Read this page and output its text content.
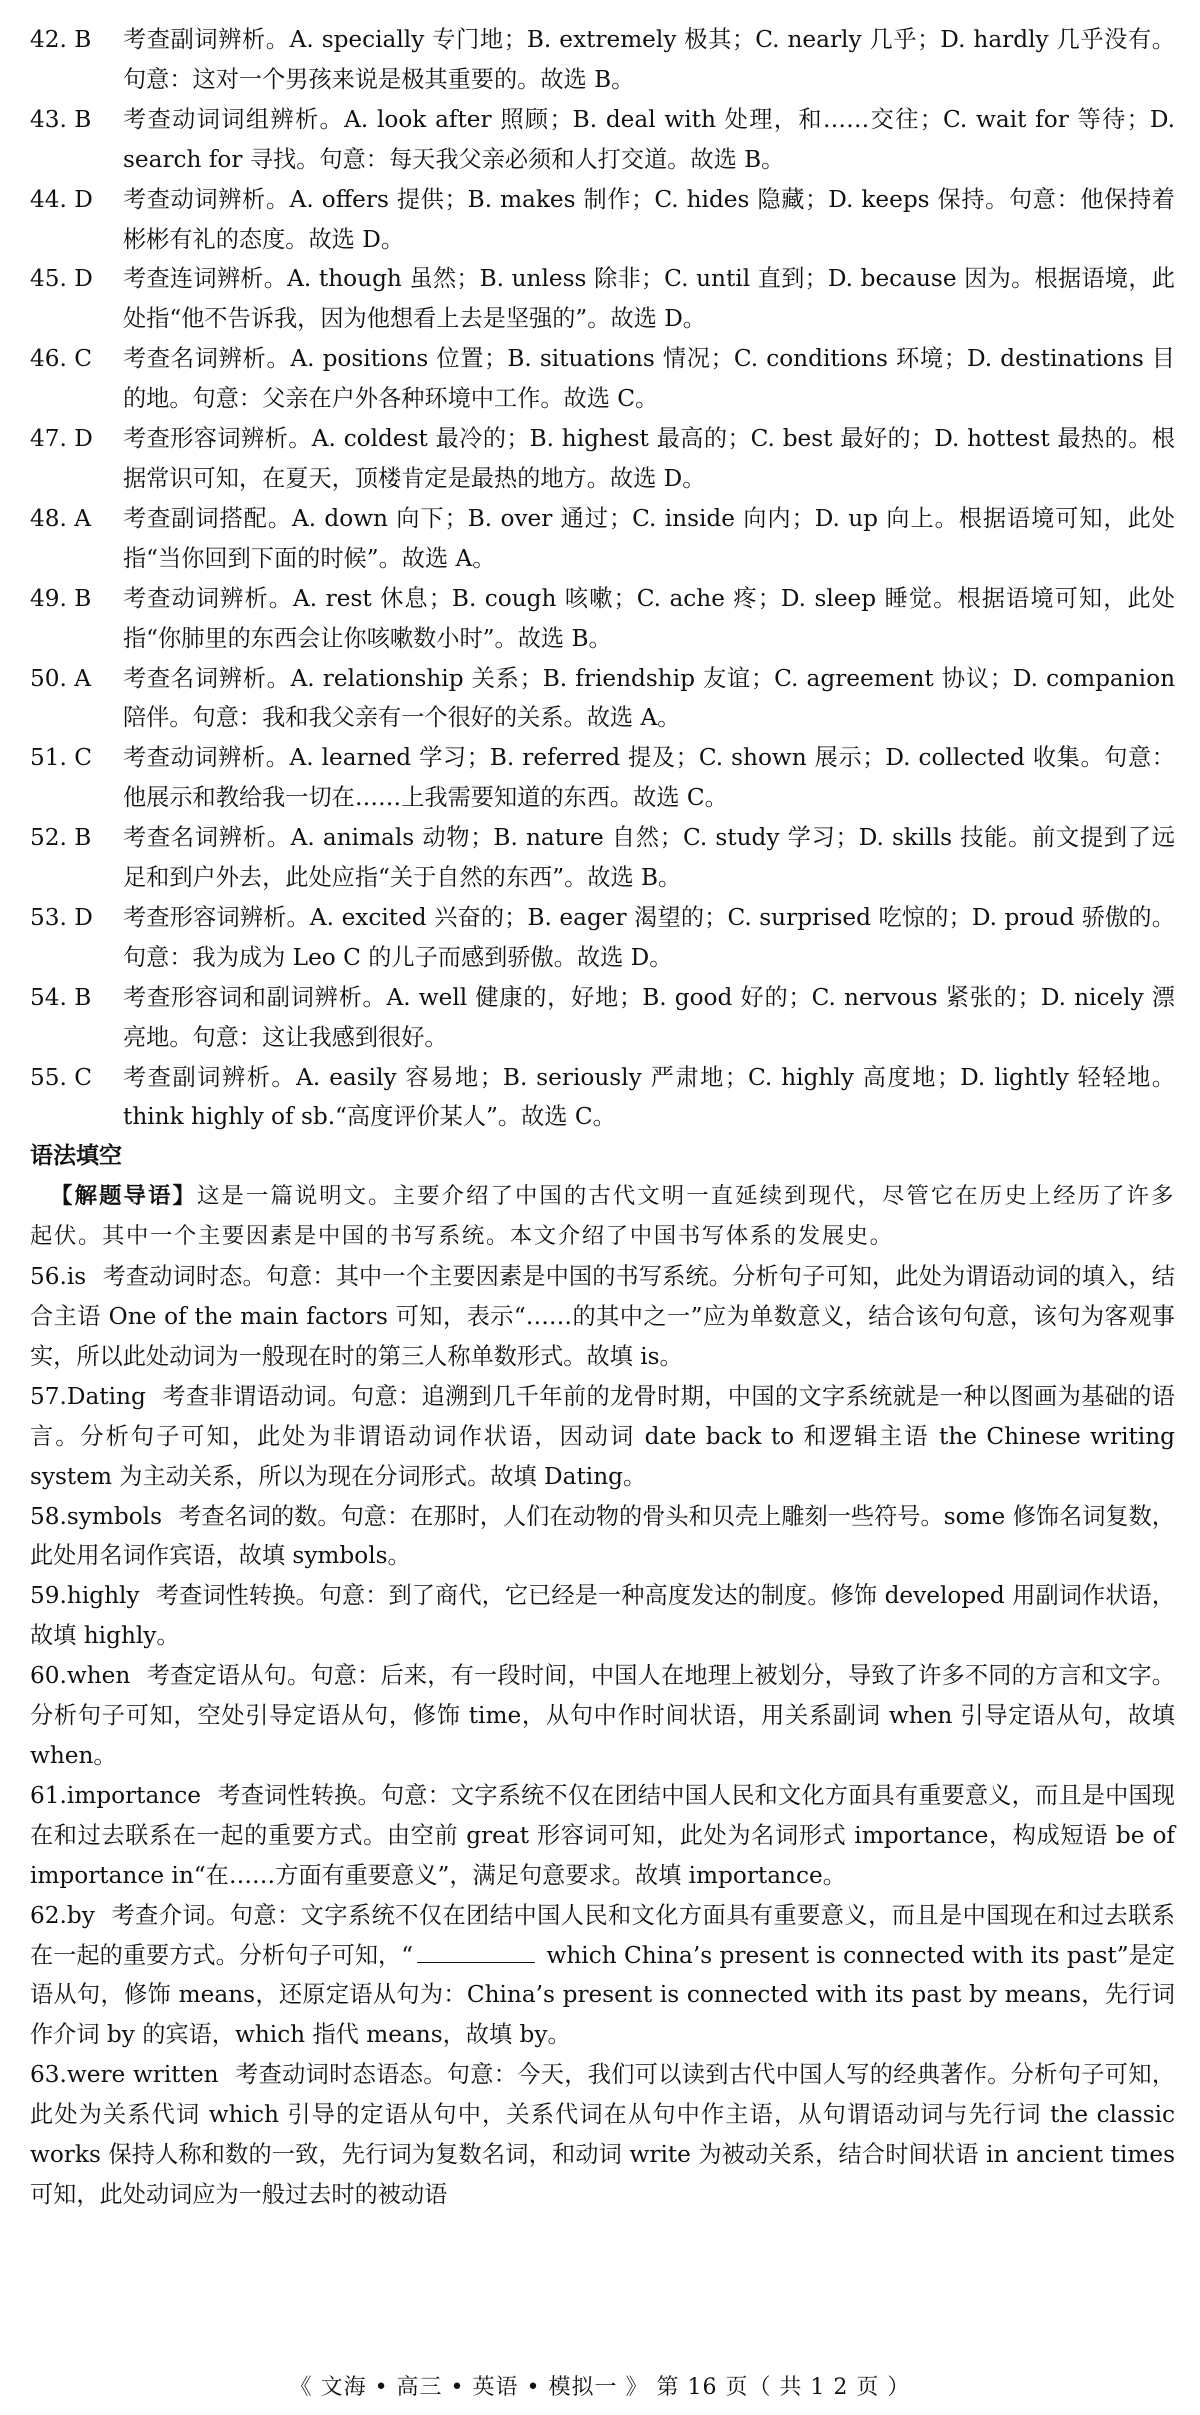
42. B 考查副词辨析。A. specially 专门地；B. extremely 极其；C. nearly 几乎；D. hardly 几乎没有。句意：这对一个男孩来说是极其重要的。故选 B。

43. B 考查动词词组辨析。A. look after 照顾；B. deal with 处理，和……交往；C. wait for 等待；D. search for 寻找。句意：每天我父亲必须和人打交道。故选 B。

44. D 考查动词辨析。A. offers 提供；B. makes 制作；C. hides 隐藏；D. keeps 保持。句意：他保持着彬彬有礼的态度。故选 D。

45. D 考查连词辨析。A. though 虽然；B. unless 除非；C. until 直到；D. because 因为。根据语境，此处指“他不告诉我，因为他想看上去是坚强的”。故选 D。

46. C 考查名词辨析。A. positions 位置；B. situations 情况；C. conditions 环境；D. destinations 目的地。句意：父亲在户外各种环境中工作。故选 C。

47. D 考查形容词辨析。A. coldest 最冷的；B. highest 最高的；C. best 最好的；D. hottest 最热的。根据常识可知，在夏天，顶楼肯定是最热的地方。故选 D。

48. A 考查副词搭配。A. down 向下；B. over 通过；C. inside 向内；D. up 向上。根据语境可知，此处指“当你回到下面的时候”。故选 A。

49. B 考查动词辨析。A. rest 休息；B. cough 咳嗽；C. ache 疼；D. sleep 睡觉。根据语境可知，此处指“你肺里的东西会让你咳嗽数小时”。故选 B。

50. A 考查名词辨析。A. relationship 关系；B. friendship 友谊；C. agreement 协议；D. companion 陪伴。句意：我和我父亲有一个很好的关系。故选 A。

51. C 考查动词辨析。A. learned 学习；B. referred 提及；C. shown 展示；D. collected 收集。句意：他展示和教给我一切在……上我需要知道的东西。故选 C。

52. B 考查名词辨析。A. animals 动物；B. nature 自然；C. study 学习；D. skills 技能。前文提到了远足和到户外去，此处应指“关于自然的东西”。故选 B。

53. D 考查形容词辨析。A. excited 兴奋的；B. eager 渴望的；C. surprised 吃惊的；D. proud 骄傲的。句意：我为成为 Leo C 的儿子而感到骄傲。故选 D。

54. B 考查形容词和副词辨析。A. well 健康的，好地；B. good 好的；C. nervous 紧张的；D. nicely 漂亮地。句意：这让我感到很好。

55. C 考查副词辨析。A. easily 容易地；B. seriously 严肃地；C. highly 高度地；D. lightly 轻轻地。think highly of sb.“高度评价某人”。故选 C。

语法填空

【解题导语】这是一篇说明文。主要介绍了中国的古代文明一直延续到现代，尽管它在历史上经历了许多起伏。其中一个主要因素是中国的书写系统。本文介绍了中国书写体系的发展史。

56.is 考查动词时态。句意：其中一个主要因素是中国的书写系统。分析句子可知，此处为谓语动词的填入，结合主语 One of the main factors 可知，表示“……的其中之一”应为单数意义，结合该句句意，该句为客观事实，所以此处动词为一般现在时的第三人称单数形式。故填 is。

57.Dating 考查非谓语动词。句意：追溯到几千年前的龙骨时期，中国的文字系统就是一种以图画为基础的语言。分析句子可知，此处为非谓语动词作状语，因动词 date back to 和逻辑主语 the Chinese writing system 为主动关系，所以为现在分词形式。故填 Dating。

58.symbols 考查名词的数。句意：在那时，人们在动物的骨头和贝壳上雕刻一些符号。some 修饰名词复数，此处用名词作宾语，故填 symbols。

59.highly 考查词性转换。句意：到了商代，它已经是一种高度发达的制度。修饰 developed 用副词作状语，故填 highly。

60.when 考查定语从句。句意：后来，有一段时间，中国人在地理上被划分，导致了许多不同的方言和文字。分析句子可知，空处引导定语从句，修饰 time，从句中作时间状语，用关系副词 when 引导定语从句，故填 when。

61.importance 考查词性转换。句意：文字系统不仅在团结中国人民和文化方面具有重要意义，而且是中国现在和过去联系在一起的重要方式。由空前 great 形容词可知，此处为名词形式 importance，构成短语 be of importance in“在……方面有重要意义”，满足句意要求。故填 importance。

62.by 考查介词。句意：文字系统不仅在团结中国人民和文化方面具有重要意义，而且是中国现在和过去联系在一起的重要方式。分析句子可知，“	which China’s present is connected with its past”是定语从句，修饰 means，还原定语从句为：China’s present is connected with its past by means，先行词作介词 by 的宾语，which 指代 means，故填 by。

63.were written 考查动词时态语态。句意：今天，我们可以读到古代中国人写的经典著作。分析句子可知，此处为关系代词 which 引导的定语从句中，关系代词在从句中作主语，从句谓语动词与先行词 the classic works 保持人称和数的一致，先行词为复数名词，和动词 write 为被动关系，结合时间状语 in ancient times 可知，此处动词应为一般过去时的被动语

《 文海 • 高三 • 英语 • 模拟一 》 第 16 页（ 共 1 2 页 ）
